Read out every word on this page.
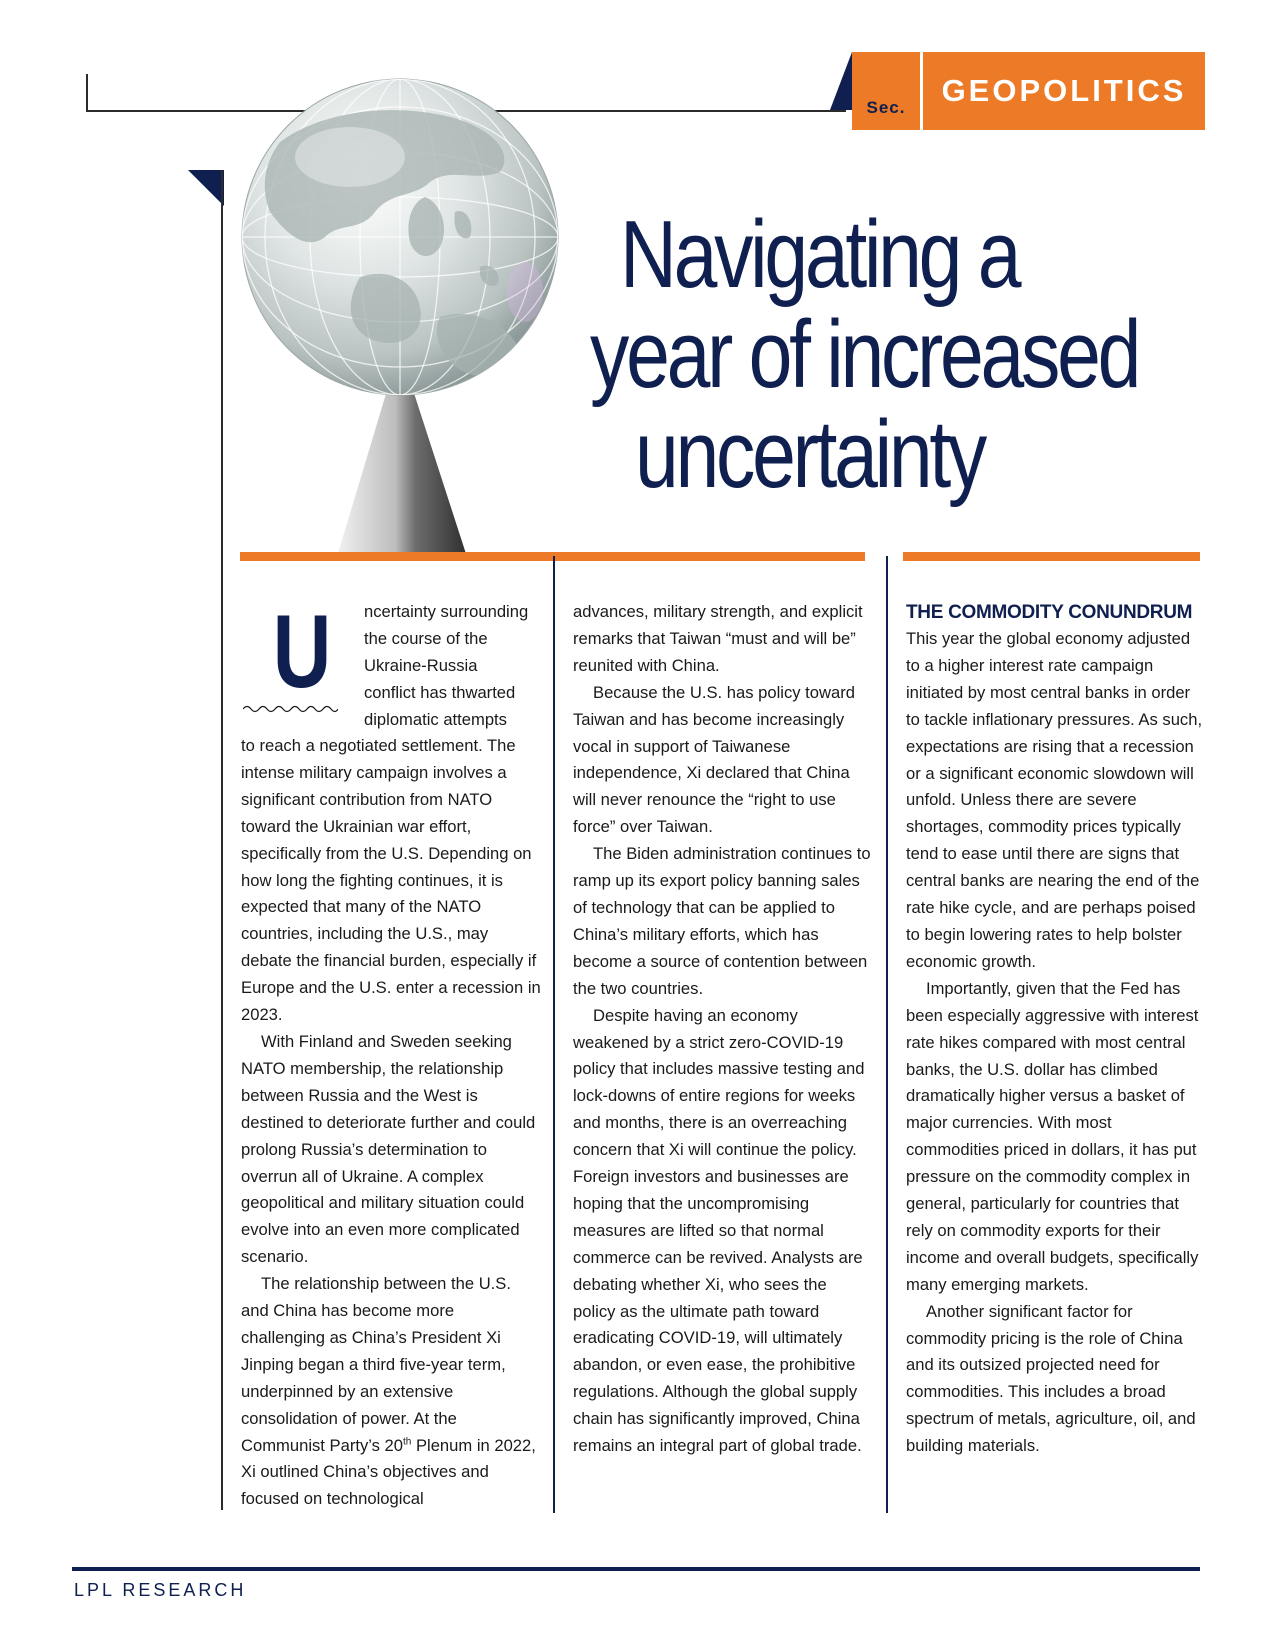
Sec.	GEOPOLITICS
Navigating a
year of increased
uncertainty
U	ncertainty surrounding
the course of the
Ukraine-Russia
conflict has thwarted
diplomatic attempts

to reach a negotiated settlement. The intense military campaign involves a significant contribution from NATO toward the Ukrainian war effort, specifically from the U.S. Depending on how long the fighting continues, it is expected that many of the NATO countries, including the U.S., may debate the financial burden, especially if Europe and the U.S. enter a recession in 2023.

With Finland and Sweden seeking NATO membership, the relationship between Russia and the West is destined to deteriorate further and could prolong Russia’s determination to overrun all of Ukraine. A complex geopolitical and military situation could evolve into an even more complicated scenario.

The relationship between the U.S. and China has become more challenging as China’s President Xi Jinping began a third five-year term, underpinned by an extensive consolidation of power. At the Communist Party’s 20th Plenum in 2022, Xi outlined China’s objectives and focused on technological

advances, military strength, and explicit remarks that Taiwan “must and will be” reunited with China.

Because the U.S. has policy toward Taiwan and has become increasingly vocal in support of Taiwanese independence, Xi declared that China will never renounce the “right to use force” over Taiwan.

The Biden administration continues to ramp up its export policy banning sales of technology that can be applied to China’s military efforts, which has become a source of contention between the two countries.

Despite having an economy weakened by a strict zero-COVID-19 policy that includes massive testing and lock-downs of entire regions for weeks and months, there is an overreaching concern that Xi will continue the policy. Foreign investors and businesses are hoping that the uncompromising measures are lifted so that normal commerce can be revived. Analysts are debating whether Xi, who sees the policy as the ultimate path toward eradicating COVID-19, will ultimately abandon, or even ease, the prohibitive regulations. Although the global supply chain has significantly improved, China remains an integral part of global trade.

THE COMMODITY CONUNDRUM

This year the global economy adjusted to a higher interest rate campaign initiated by most central banks in order to tackle inflationary pressures. As such, expectations are rising that a recession or a significant economic slowdown will unfold. Unless there are severe shortages, commodity prices typically tend to ease until there are signs that central banks are nearing the end of the rate hike cycle, and are perhaps poised to begin lowering rates to help bolster economic growth.

Importantly, given that the Fed has been especially aggressive with interest rate hikes compared with most central banks, the U.S. dollar has climbed dramatically higher versus a basket of major currencies. With most commodities priced in dollars, it has put pressure on the commodity complex in general, particularly for countries that rely on commodity exports for their income and overall budgets, specifically many emerging markets.

Another significant factor for commodity pricing is the role of China and its outsized projected need for commodities. This includes a broad spectrum of metals, agriculture, oil, and building materials.

LPL RESEARCH
